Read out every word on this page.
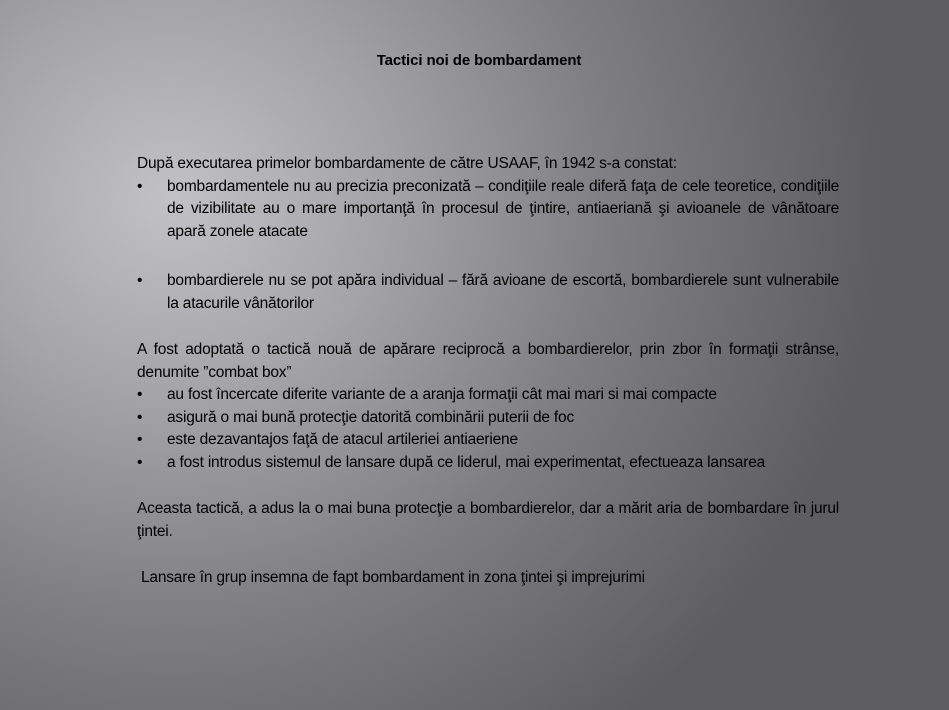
Tactici noi de bombardament

După executarea primelor bombardamente de către USAAF, în 1942 s-a constat:

• bombardamentele nu au precizia preconizată – condiţiile reale diferă faţa de cele teoretice, condiţiile de vizibilitate au o mare importanţă în procesul de ţintire, antiaeriană şi avioanele de vânătoare apară zonele atacate
• bombardierele nu se pot apăra individual – fără avioane de escortă, bombardierele sunt vulnerabile la atacurile vânătorilor

A fost adoptată o tactică nouă de apărare reciprocă a bombardierelor, prin zbor în formaţii strânse, denumite ”combat box”

• au fost încercate diferite variante de a aranja formaţii cât mai mari si mai compacte
• asigură o mai bună protecţie datorită combinării puterii de foc
• este dezavantajos faţă de atacul artileriei antiaeriene
• a fost introdus sistemul de lansare după ce liderul, mai experimentat, efectueaza lansarea

Aceasta tactică, a adus la o mai buna protecţie a bombardierelor, dar a mărit aria de bombardare în jurul ţintei.

Lansare în grup insemna de fapt bombardament in zona ţintei şi imprejurimi
